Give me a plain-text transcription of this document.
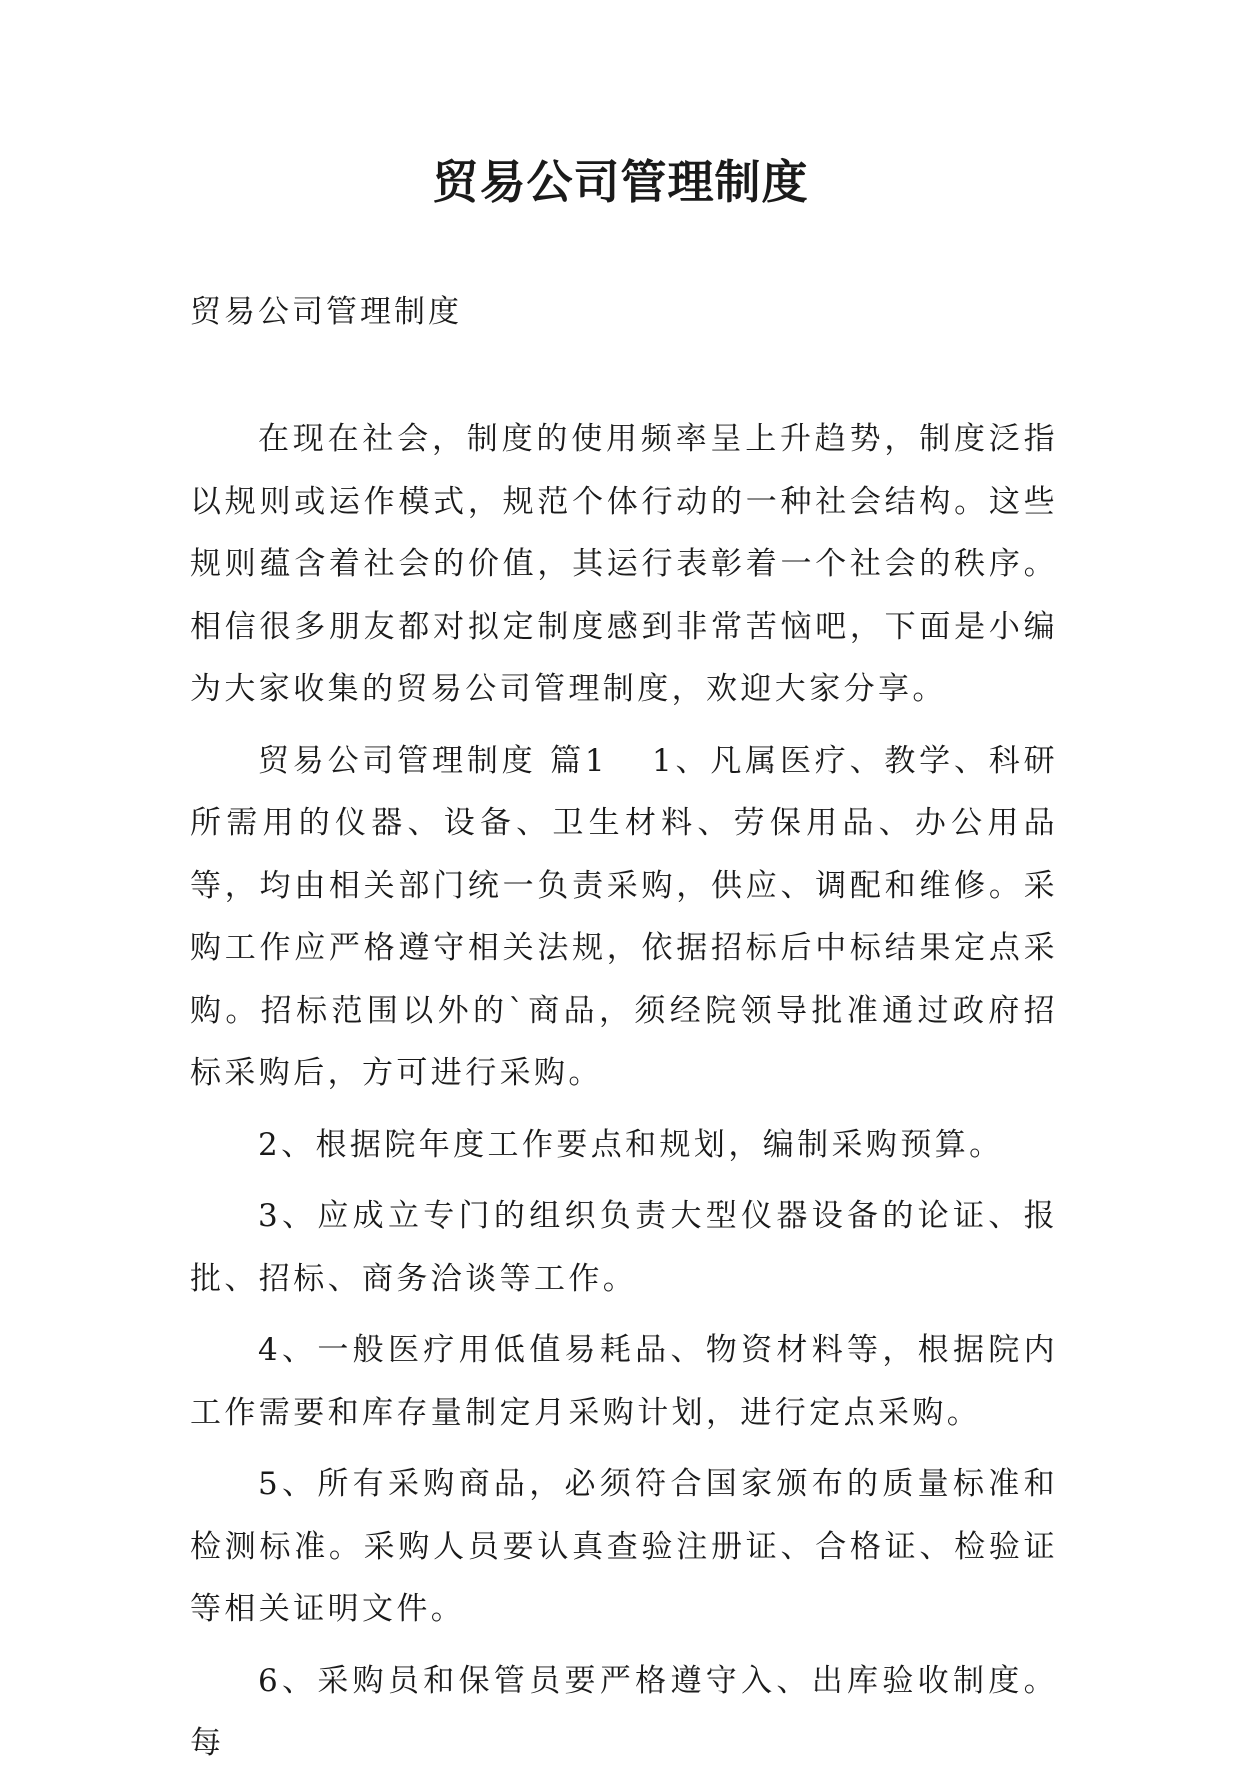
贸易公司管理制度

贸易公司管理制度

在现在社会，制度的使用频率呈上升趋势，制度泛指以规则或运作模式，规范个体行动的一种社会结构。这些规则蕴含着社会的价值，其运行表彰着一个社会的秩序。相信很多朋友都对拟定制度感到非常苦恼吧，下面是小编为大家收集的贸易公司管理制度，欢迎大家分享。

贸易公司管理制度 篇1 1、凡属医疗、教学、科研所需用的仪器、设备、卫生材料、劳保用品、办公用品等，均由相关部门统一负责采购，供应、调配和维修。采购工作应严格遵守相关法规，依据招标后中标结果定点采购。招标范围以外的`商品，须经院领导批准通过政府招标采购后，方可进行采购。

2、根据院年度工作要点和规划，编制采购预算。

3、应成立专门的组织负责大型仪器设备的论证、报批、招标、商务洽谈等工作。

4、一般医疗用低值易耗品、物资材料等，根据院内工作需要和库存量制定月采购计划，进行定点采购。

5、所有采购商品，必须符合国家颁布的质量标准和检测标准。采购人员要认真查验注册证、合格证、检验证等相关证明文件。

6、采购员和保管员要严格遵守入、出库验收制度。每
